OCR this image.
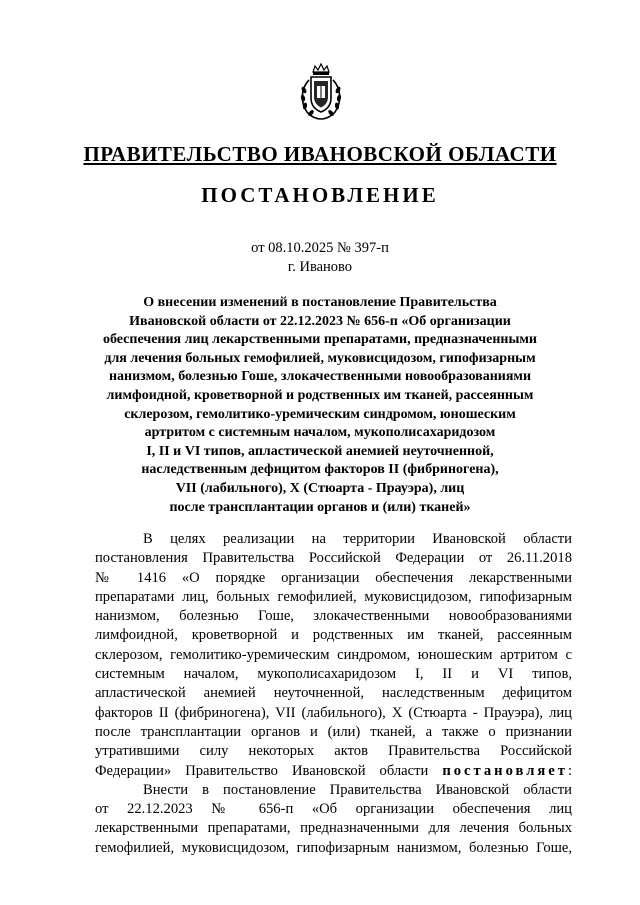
ПРАВИТЕЛЬСТВО ИВАНОВСКОЙ ОБЛАСТИ
ПОСТАНОВЛЕНИЕ
от 08.10.2025 № 397-п
г. Иваново
О внесении изменений в постановление Правительства
Ивановской области от 22.12.2023 № 656-п «Об организации
обеспечения лиц лекарственными препаратами, предназначенными
для лечения больных гемофилией, муковисцидозом, гипофизарным
нанизмом, болезнью Гоше, злокачественными новообразованиями
лимфоидной, кроветворной и родственных им тканей, рассеянным
склерозом, гемолитико-уремическим синдромом, юношеским
артритом с системным началом, мукополисахаридозом
I, II и VI типов, апластической анемией неуточненной,
наследственным дефицитом факторов II (фибриногена),
VII (лабильного), X (Стюарта - Прауэра), лиц
после трансплантации органов и (или) тканей»
В целях реализации на территории Ивановской области
постановления Правительства Российской Федерации от 26.11.2018
№ 1416 «О порядке организации обеспечения лекарственными
препаратами лиц, больных гемофилией, муковисцидозом, гипофизарным
нанизмом, болезнью Гоше, злокачественными новообразованиями
лимфоидной, кроветворной и родственных им тканей, рассеянным
склерозом, гемолитико-уремическим синдромом, юношеским артритом с
системным началом, мукополисахаридозом I, II и VI типов,
апластической анемией неуточненной, наследственным дефицитом
факторов II (фибриногена), VII (лабильного), X (Стюарта - Прауэра), лиц
после трансплантации органов и (или) тканей, а также о признании
утратившими силу некоторых актов Правительства Российской
Федерации» Правительство Ивановской области постановляет:
Внести в постановление Правительства Ивановской области
от 22.12.2023 № 656-п «Об организации обеспечения лиц
лекарственными препаратами, предназначенными для лечения больных
гемофилией, муковисцидозом, гипофизарным нанизмом, болезнью Гоше,
